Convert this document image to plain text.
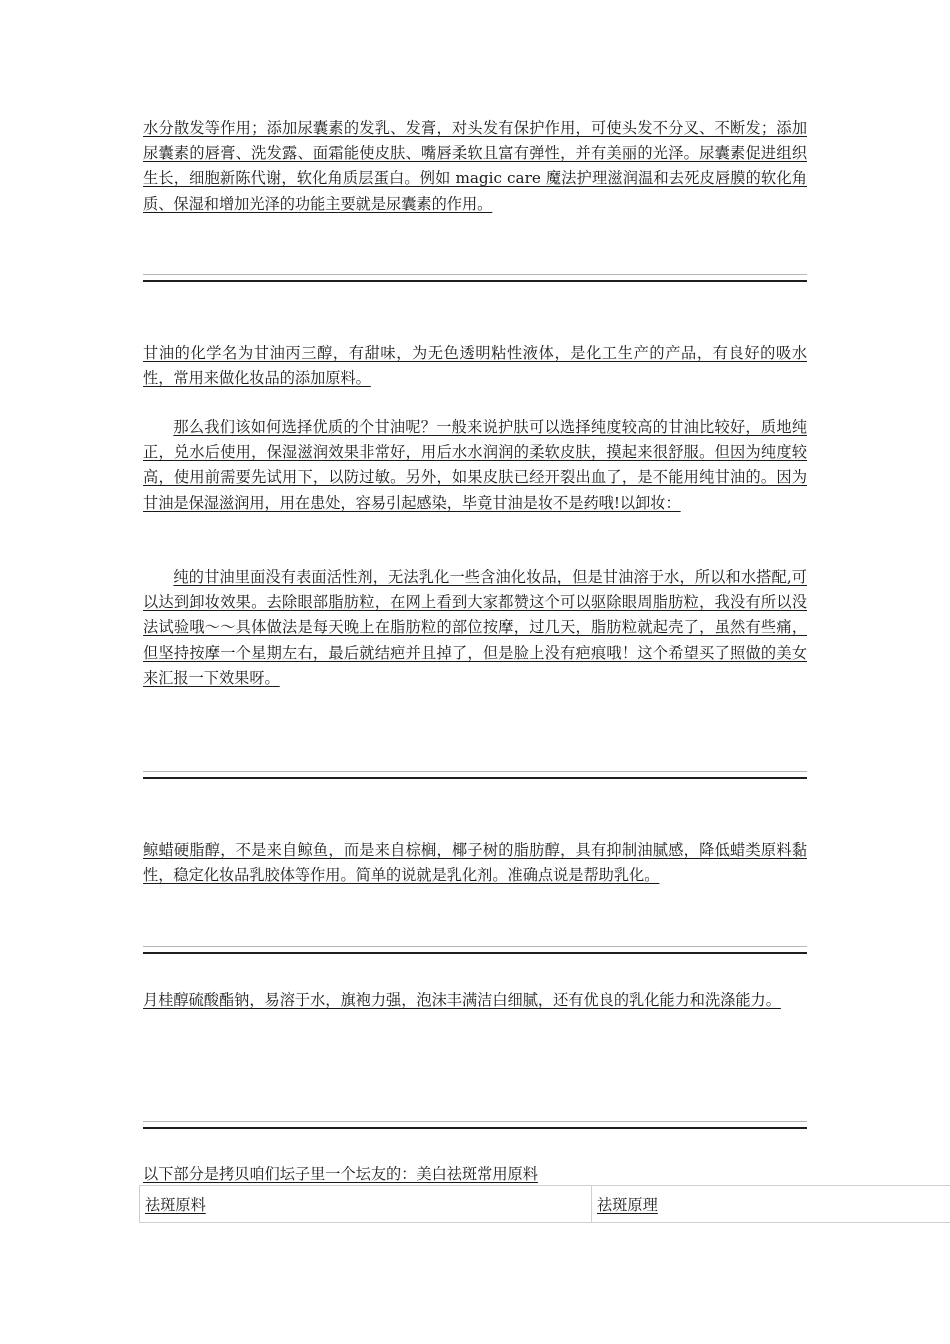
水分散发等作用；添加尿囊素的发乳、发膏，对头发有保护作用，可使头发不分叉、不断发；添加尿囊素的唇膏、洗发露、面霜能使皮肤、嘴唇柔软且富有弹性，并有美丽的光泽。尿囊素促进组织生长，细胞新陈代谢，软化角质层蛋白。例如 magic care 魔法护理滋润温和去死皮唇膜的软化角质、保湿和增加光泽的功能主要就是尿囊素的作用。

甘油的化学名为甘油丙三醇，有甜味，为无色透明粘性液体，是化工生产的产品，有良好的吸水性，常用来做化妆品的添加原料。

那么我们该如何选择优质的个甘油呢？一般来说护肤可以选择纯度较高的甘油比较好，质地纯正，兑水后使用，保湿滋润效果非常好，用后水水润润的柔软皮肤，摸起来很舒服。但因为纯度较高，使用前需要先试用下，以防过敏。另外，如果皮肤已经开裂出血了，是不能用纯甘油的。因为甘油是保湿滋润用，用在患处，容易引起感染，毕竟甘油是妆不是药哦!以卸妆：

纯的甘油里面没有表面活性剂，无法乳化一些含油化妆品，但是甘油溶于水，所以和水搭配,可以达到卸妆效果。去除眼部脂肪粒，在网上看到大家都赞这个可以驱除眼周脂肪粒，我没有所以没法试验哦～～具体做法是每天晚上在脂肪粒的部位按摩，过几天，脂肪粒就起壳了，虽然有些痛，但坚持按摩一个星期左右，最后就结疤并且掉了，但是脸上没有疤痕哦！这个希望买了照做的美女来汇报一下效果呀。

鲸蜡硬脂醇，不是来自鲸鱼，而是来自棕榈，椰子树的脂肪醇，具有抑制油腻感，降低蜡类原料黏性，稳定化妆品乳胶体等作用。简单的说就是乳化剂。准确点说是帮助乳化。

月桂醇硫酸酯钠，易溶于水，旗袍力强，泡沫丰满洁白细腻，还有优良的乳化能力和洗涤能力。

以下部分是拷贝咱们坛子里一个坛友的：美白祛斑常用原料

祛斑原料	祛斑原理
